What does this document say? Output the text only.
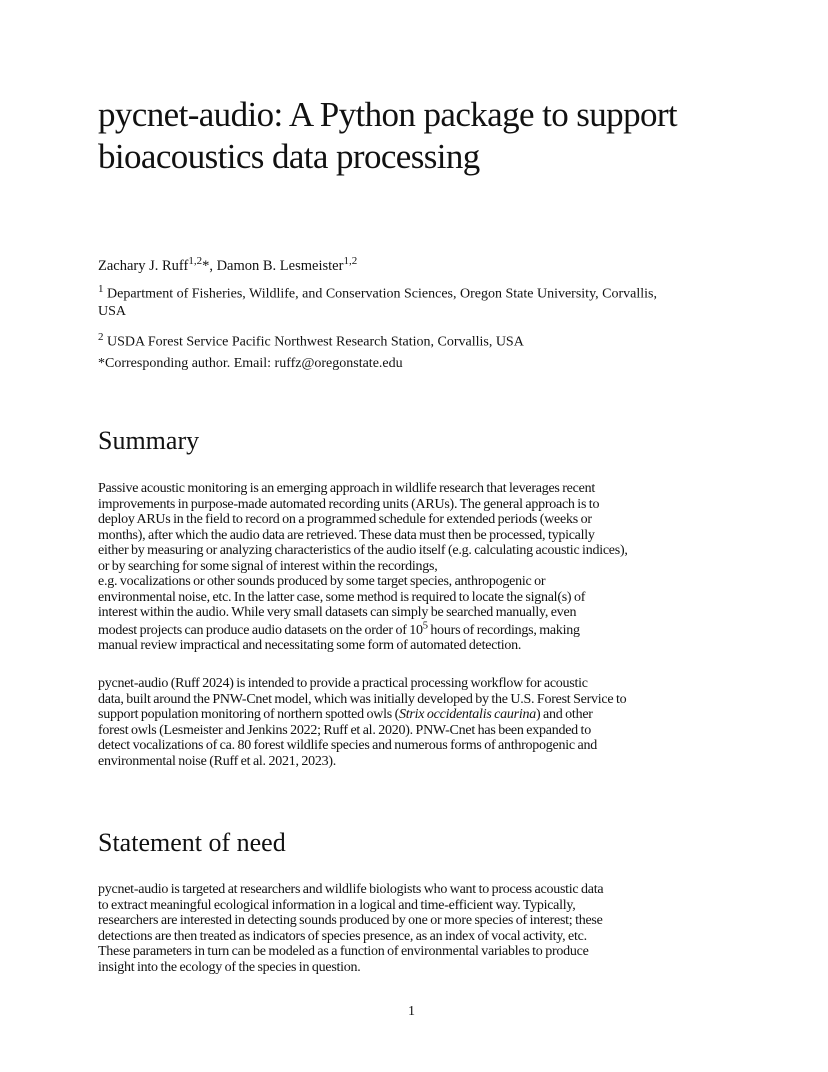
pycnet-audio: A Python package to support
bioacoustics data processing
Zachary J. Ruff$^{1,2}$*, Damon B. Lesmeister$^{1,2}$
$^1$ Department of Fisheries, Wildlife, and Conservation Sciences, Oregon State University, Corvallis,
USA
$^2$ USDA Forest Service Pacific Northwest Research Station, Corvallis, USA
*Corresponding author. Email: ruffz@oregonstate.edu
Summary

Passive acoustic monitoring is an emerging approach in wildlife research that leverages recent
improvements in purpose-made automated recording units (ARUs). The general approach is to
deploy ARUs in the field to record on a programmed schedule for extended periods (weeks or
months), after which the audio data are retrieved. These data must then be processed, typically
either by measuring or analyzing characteristics of the audio itself (e.g. calculating acoustic indices),
or by searching for some signal of interest within the recordings,
e.g. vocalizations or other sounds produced by some target species, anthropogenic or
environmental noise, etc. In the latter case, some method is required to locate the signal(s) of
interest within the audio. While very small datasets can simply be searched manually, even
modest projects can produce audio datasets on the order of $10^5$ hours of recordings, making
manual review impractical and necessitating some form of automated detection.

pycnet-audio (Ruff 2024) is intended to provide a practical processing workflow for acoustic
data, built around the PNW-Cnet model, which was initially developed by the U.S. Forest Service to
support population monitoring of northern spotted owls (Strix occidentalis caurina) and other
forest owls (Lesmeister and Jenkins 2022; Ruff et al. 2020). PNW-Cnet has been expanded to
detect vocalizations of ca. 80 forest wildlife species and numerous forms of anthropogenic and
environmental noise (Ruff et al. 2021, 2023).

Statement of need

pycnet-audio is targeted at researchers and wildlife biologists who want to process acoustic data
to extract meaningful ecological information in a logical and time-efficient way. Typically,
researchers are interested in detecting sounds produced by one or more species of interest; these
detections are then treated as indicators of species presence, as an index of vocal activity, etc.
These parameters in turn can be modeled as a function of environmental variables to produce
insight into the ecology of the species in question.

1
